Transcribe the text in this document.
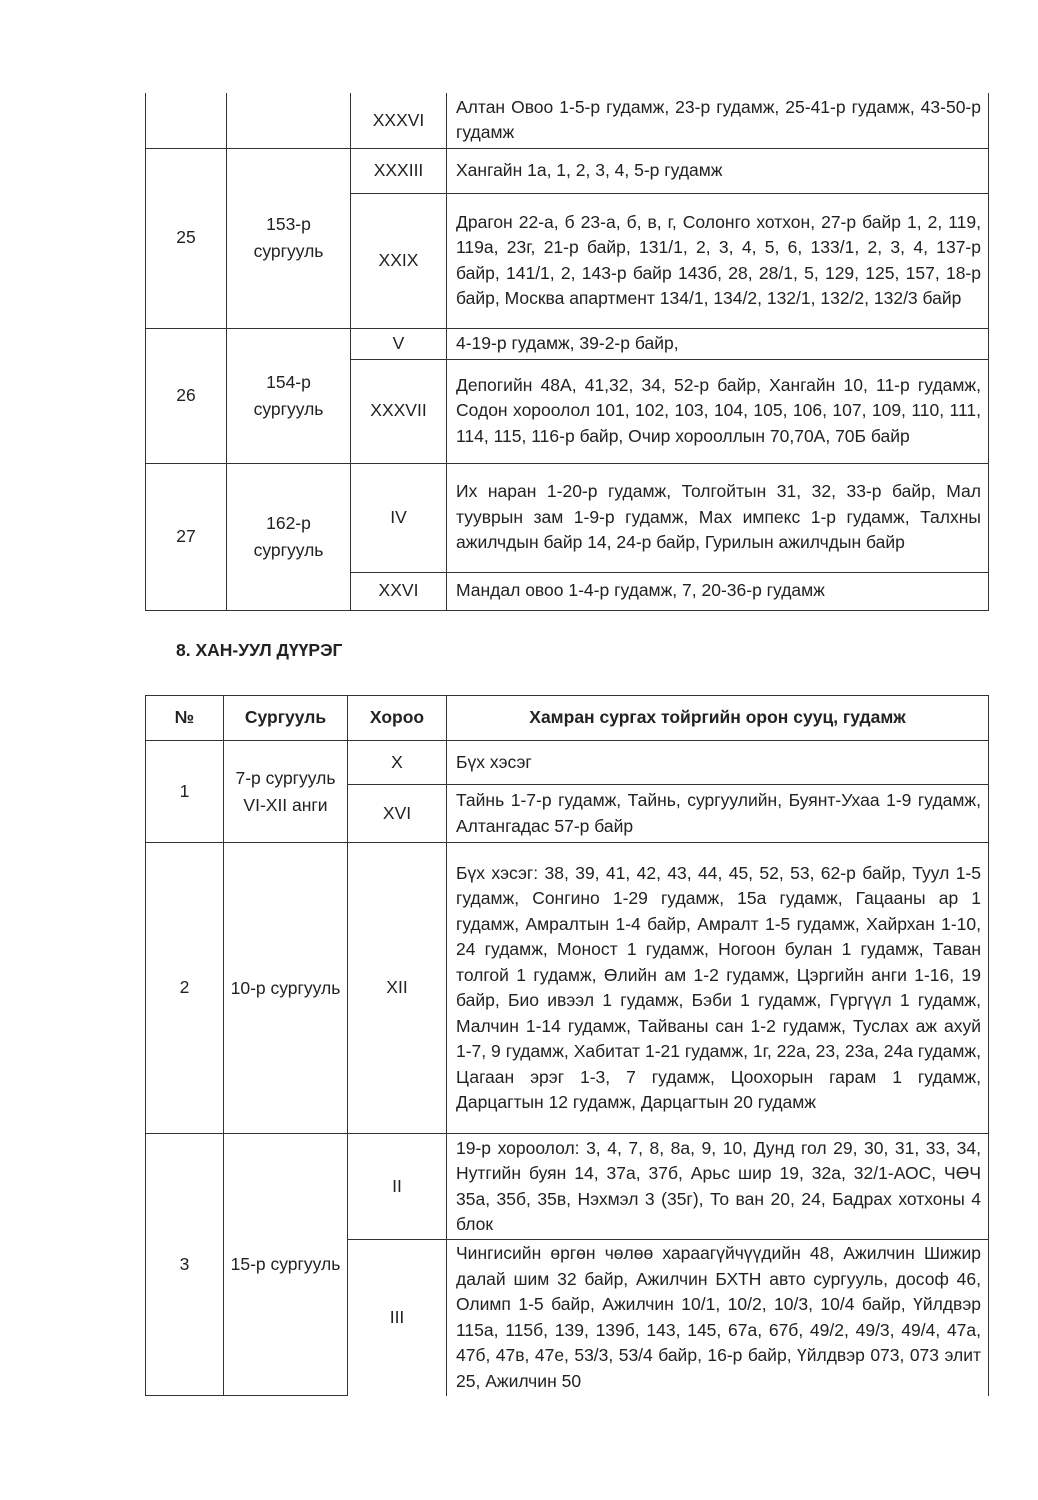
		XXXVI	Алтан Овоо 1-5-р гудамж, 23-р гудамж, 25-41-р гудамж, 43-50-р гудамж
25	153-р сургууль	XXXIII	Хангайн 1а, 1, 2, 3, 4, 5-р гудамж
		XXIX	Драгон 22-а, б 23-а, б, в, г, Солонго хотхон, 27-р байр 1, 2, 119, 119а, 23г, 21-р байр, 131/1, 2, 3, 4, 5, 6, 133/1, 2, 3, 4, 137-р байр, 141/1, 2, 143-р байр 143б, 28, 28/1, 5, 129, 125, 157, 18-р байр, Москва апартмент 134/1, 134/2, 132/1, 132/2, 132/3 байр
26	154-р сургууль	V	4-19-р гудамж, 39-2-р байр,
		XXXVII	Депогийн 48А, 41,32, 34, 52-р байр, Хангайн 10, 11-р гудамж, Содон хороолол 101, 102, 103, 104, 105, 106, 107, 109, 110, 111, 114, 115, 116-р байр, Очир хорооллын 70,70А, 70Б байр
27	162-р сургууль	IV	Их наран 1-20-р гудамж, Толгойтын 31, 32, 33-р байр, Мал тууврын зам 1-9-р гудамж, Мах импекс 1-р гудамж, Талхны ажилчдын байр 14, 24-р байр, Гурилын ажилчдын байр
		XXVI	Мандал овоо 1-4-р гудамж, 7, 20-36-р гудамж
8. ХАН-УУЛ ДҮҮРЭГ
№	Сургууль	Хороо	Хамран сургах тойргийн орон сууц, гудамж
1	7-р сургууль VI-XII анги	X	Бүх хэсэг
		XVI	Тайнь 1-7-р гудамж, Тайнь, сургуулийн, Буянт-Ухаа 1-9 гудамж, Алтангадас 57-р байр
2	10-р сургууль	XII	Бүх хэсэг: 38, 39, 41, 42, 43, 44, 45, 52, 53, 62-р байр, Туул 1-5 гудамж, Сонгино 1-29 гудамж, 15а гудамж, Гацааны ар 1 гудамж, Амралтын 1-4 байр, Амралт 1-5 гудамж, Хайрхан 1-10, 24 гудамж, Моност 1 гудамж, Ногоон булан 1 гудамж, Таван толгой 1 гудамж, Өлийн ам 1-2 гудамж, Цэргийн анги 1-16, 19 байр, Био ивээл 1 гудамж, Бэби 1 гудамж, Гүргүүл 1 гудамж, Малчин 1-14 гудамж, Тайваны сан 1-2 гудамж, Туслах аж ахуй 1-7, 9 гудамж, Хабитат 1-21 гудамж, 1г, 22а, 23, 23а, 24а гудамж, Цагаан эрэг 1-3, 7 гудамж, Цоохорын гарам 1 гудамж, Дарцагтын 12 гудамж, Дарцагтын 20 гудамж
3	15-р сургууль	II	19-р хороолол: 3, 4, 7, 8, 8а, 9, 10, Дунд гол 29, 30, 31, 33, 34, Нутгийн буян 14, 37а, 37б, Арьс шир 19, 32а, 32/1-АОС, ЧӨЧ 35а, 35б, 35в, Нэхмэл 3 (35г), То ван 20, 24, Бадрах хотхоны 4 блок
		III	Чингисийн өргөн чөлөө хараагүйчүүдийн 48, Ажилчин Шижир далай шим 32 байр, Ажилчин БХТН авто сургууль, дософ 46, Олимп 1-5 байр, Ажилчин 10/1, 10/2, 10/3, 10/4 байр, Үйлдвэр 115а, 115б, 139, 139б, 143, 145, 67а, 67б, 49/2, 49/3, 49/4, 47а, 47б, 47в, 47е, 53/3, 53/4 байр, 16-р байр, Үйлдвэр 073, 073 элит 25, Ажилчин 50
